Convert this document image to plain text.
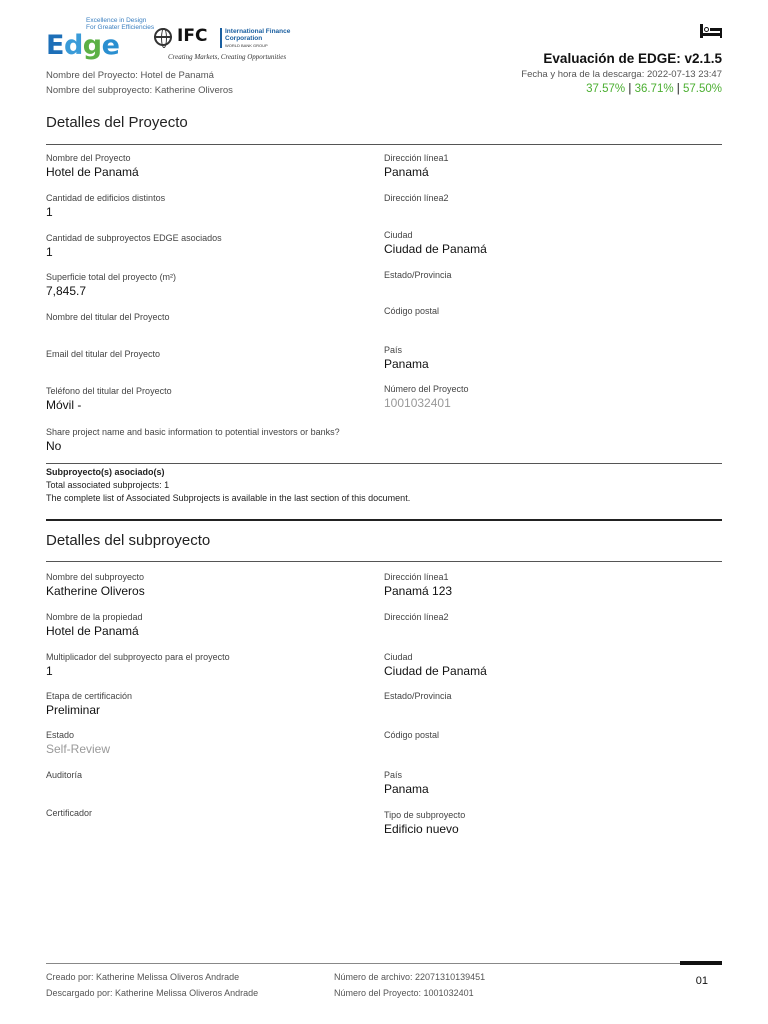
Excellence in Design For Greater Efficiencies
Edge	IFC	International Finance Corporation
WORLD BANK GROUP
Creating Markets, Creating Opportunities
Nombre del Proyecto: Hotel de Panamá
Nombre del subproyecto: Katherine Oliveros
Evaluación de EDGE: v2.1.5
Fecha y hora de la descarga: 2022-07-13 23:47
37.57% | 36.71% | 57.50%
Detalles del Proyecto
Nombre del Proyecto
Hotel de Panamá
Cantidad de edificios distintos
1
Cantidad de subproyectos EDGE asociados
1
Superficie total del proyecto (m²)
7,845.7
Nombre del titular del Proyecto
Email del titular del Proyecto
Teléfono del titular del Proyecto
Móvil -
Share project name and basic information to potential investors or banks?
No
Dirección línea1
Panamá
Dirección línea2
Ciudad
Ciudad de Panamá
Estado/Provincia
Código postal
País
Panama
Número del Proyecto
1001032401
Subproyecto(s) asociado(s)
Total associated subprojects: 1
The complete list of Associated Subprojects is available in the last section of this document.
Detalles del subproyecto
Nombre del subproyecto
Katherine Oliveros
Nombre de la propiedad
Hotel de Panamá
Multiplicador del subproyecto para el proyecto
1
Etapa de certificación
Preliminar
Estado
Self-Review
Auditoría
Certificador
Dirección línea1
Panamá 123
Dirección línea2
Ciudad
Ciudad de Panamá
Estado/Provincia
Código postal
País
Panama
Tipo de subproyecto
Edificio nuevo
Creado por: Katherine Melissa Oliveros Andrade
Descargado por: Katherine Melissa Oliveros Andrade
Número de archivo: 22071310139451
Número del Proyecto: 1001032401
01
